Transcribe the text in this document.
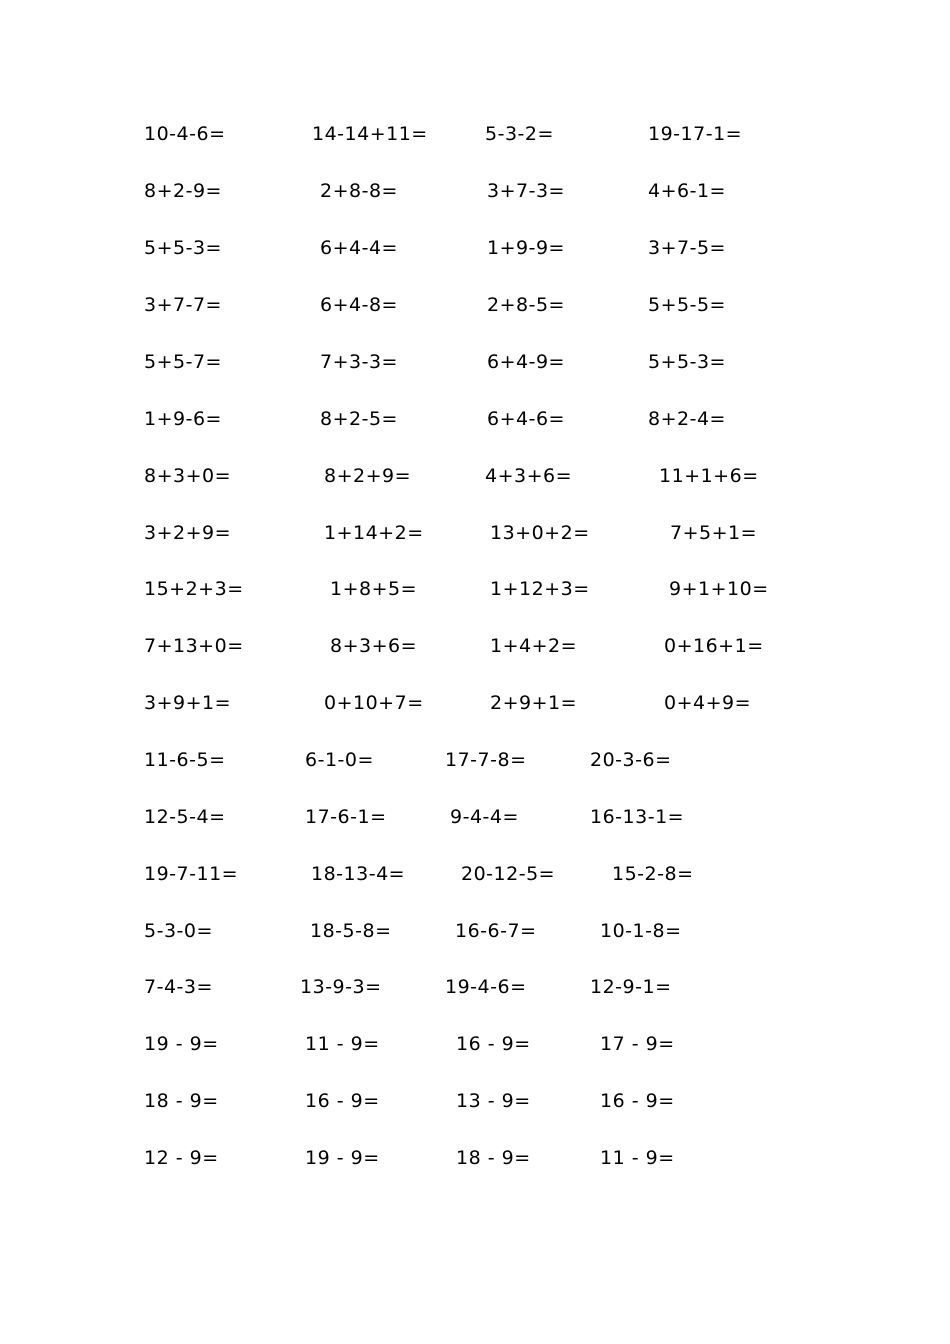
10-4-6=	14-14+11=	5-3-2=	19-17-1=
8+2-9=	2+8-8=	3+7-3=	4+6-1=
5+5-3=	6+4-4=	1+9-9=	3+7-5=
3+7-7=	6+4-8=	2+8-5=	5+5-5=
5+5-7=	7+3-3=	6+4-9=	5+5-3=
1+9-6=	8+2-5=	6+4-6=	8+2-4=
8+3+0=	8+2+9=	4+3+6=	11+1+6=
3+2+9=	1+14+2=	13+0+2=	7+5+1=
15+2+3=	1+8+5=	1+12+3=	9+1+10=
7+13+0=	8+3+6=	1+4+2=	0+16+1=
3+9+1=	0+10+7=	2+9+1=	0+4+9=
11-6-5=	6-1-0=	17-7-8=	20-3-6=
12-5-4=	17-6-1=	9-4-4=	16-13-1=
19-7-11=	18-13-4=	20-12-5=	15-2-8=
5-3-0=	18-5-8=	16-6-7=	10-1-8=
7-4-3=	13-9-3=	19-4-6=	12-9-1=
19 - 9=	11 - 9=	16 - 9=	17 - 9=
18 - 9=	16 - 9=	13 - 9=	16 - 9=
12 - 9=	19 - 9=	18 - 9=	11 - 9=
